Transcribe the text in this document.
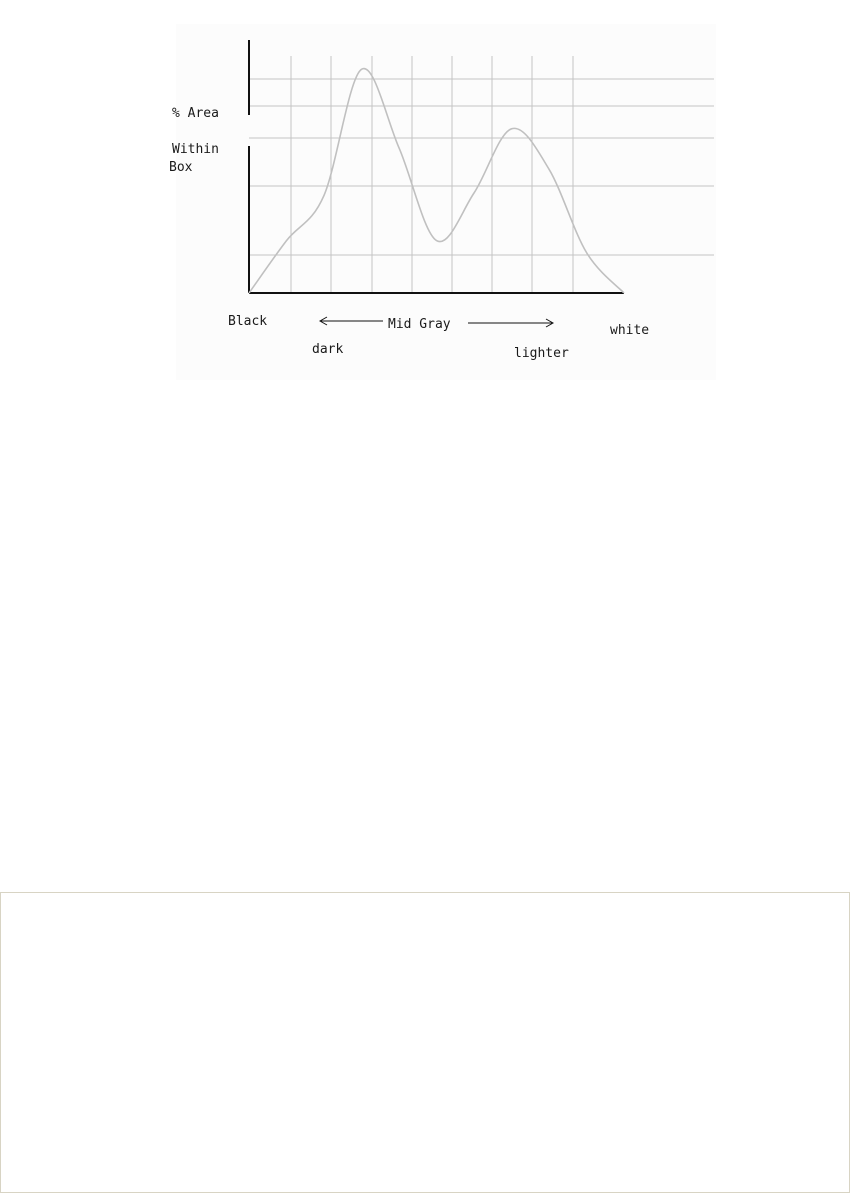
% Area
Within
Box
Black	Mid Gray	white
dark	lighter
